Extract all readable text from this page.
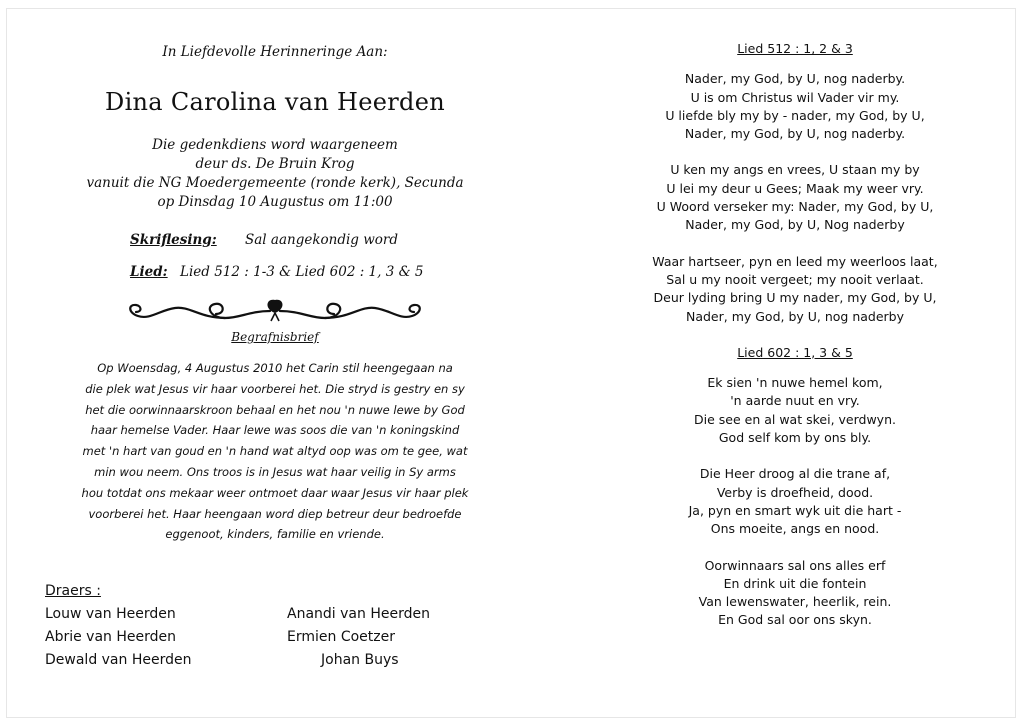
In Liefdevolle Herinneringe Aan:
Dina Carolina van Heerden
Die gedenkdiens word waargeneem
deur ds. De Bruin Krog
vanuit die NG Moedergemeente (ronde kerk), Secunda
op Dinsdag 10 Augustus om 11:00
Skriflesing: Sal aangekondig word
Lied: Lied 512 : 1-3 & Lied 602 : 1, 3 & 5
Begrafnisbrief
Op Woensdag, 4 Augustus 2010 het Carin stil heengegaan na
die plek wat Jesus vir haar voorberei het. Die stryd is gestry en sy
het die oorwinnaarskroon behaal en het nou 'n nuwe lewe by God
haar hemelse Vader. Haar lewe was soos die van 'n koningskind
met 'n hart van goud en 'n hand wat altyd oop was om te gee, wat
min wou neem. Ons troos is in Jesus wat haar veilig in Sy arms
hou totdat ons mekaar weer ontmoet daar waar Jesus vir haar plek
voorberei het. Haar heengaan word diep betreur deur bedroefde
eggenoot, kinders, familie en vriende.
Draers :
Louw van Heerden
Abrie van Heerden
Dewald van Heerden
Anandi van Heerden
Ermien Coetzer
Johan Buys
Lied 512 : 1, 2 & 3
Nader, my God, by U, nog naderby.
U is om Christus wil Vader vir my.
U liefde bly my by - nader, my God, by U,
Nader, my God, by U, nog naderby.
U ken my angs en vrees, U staan my by
U lei my deur u Gees; Maak my weer vry.
U Woord verseker my: Nader, my God, by U,
Nader, my God, by U, Nog naderby
Waar hartseer, pyn en leed my weerloos laat,
Sal u my nooit vergeet; my nooit verlaat.
Deur lyding bring U my nader, my God, by U,
Nader, my God, by U, nog naderby
Lied 602 : 1, 3 & 5
Ek sien 'n nuwe hemel kom,
'n aarde nuut en vry.
Die see en al wat skei, verdwyn.
God self kom by ons bly.
Die Heer droog al die trane af,
Verby is droefheid, dood.
Ja, pyn en smart wyk uit die hart -
Ons moeite, angs en nood.
Oorwinnaars sal ons alles erf
En drink uit die fontein
Van lewenswater, heerlik, rein.
En God sal oor ons skyn.
